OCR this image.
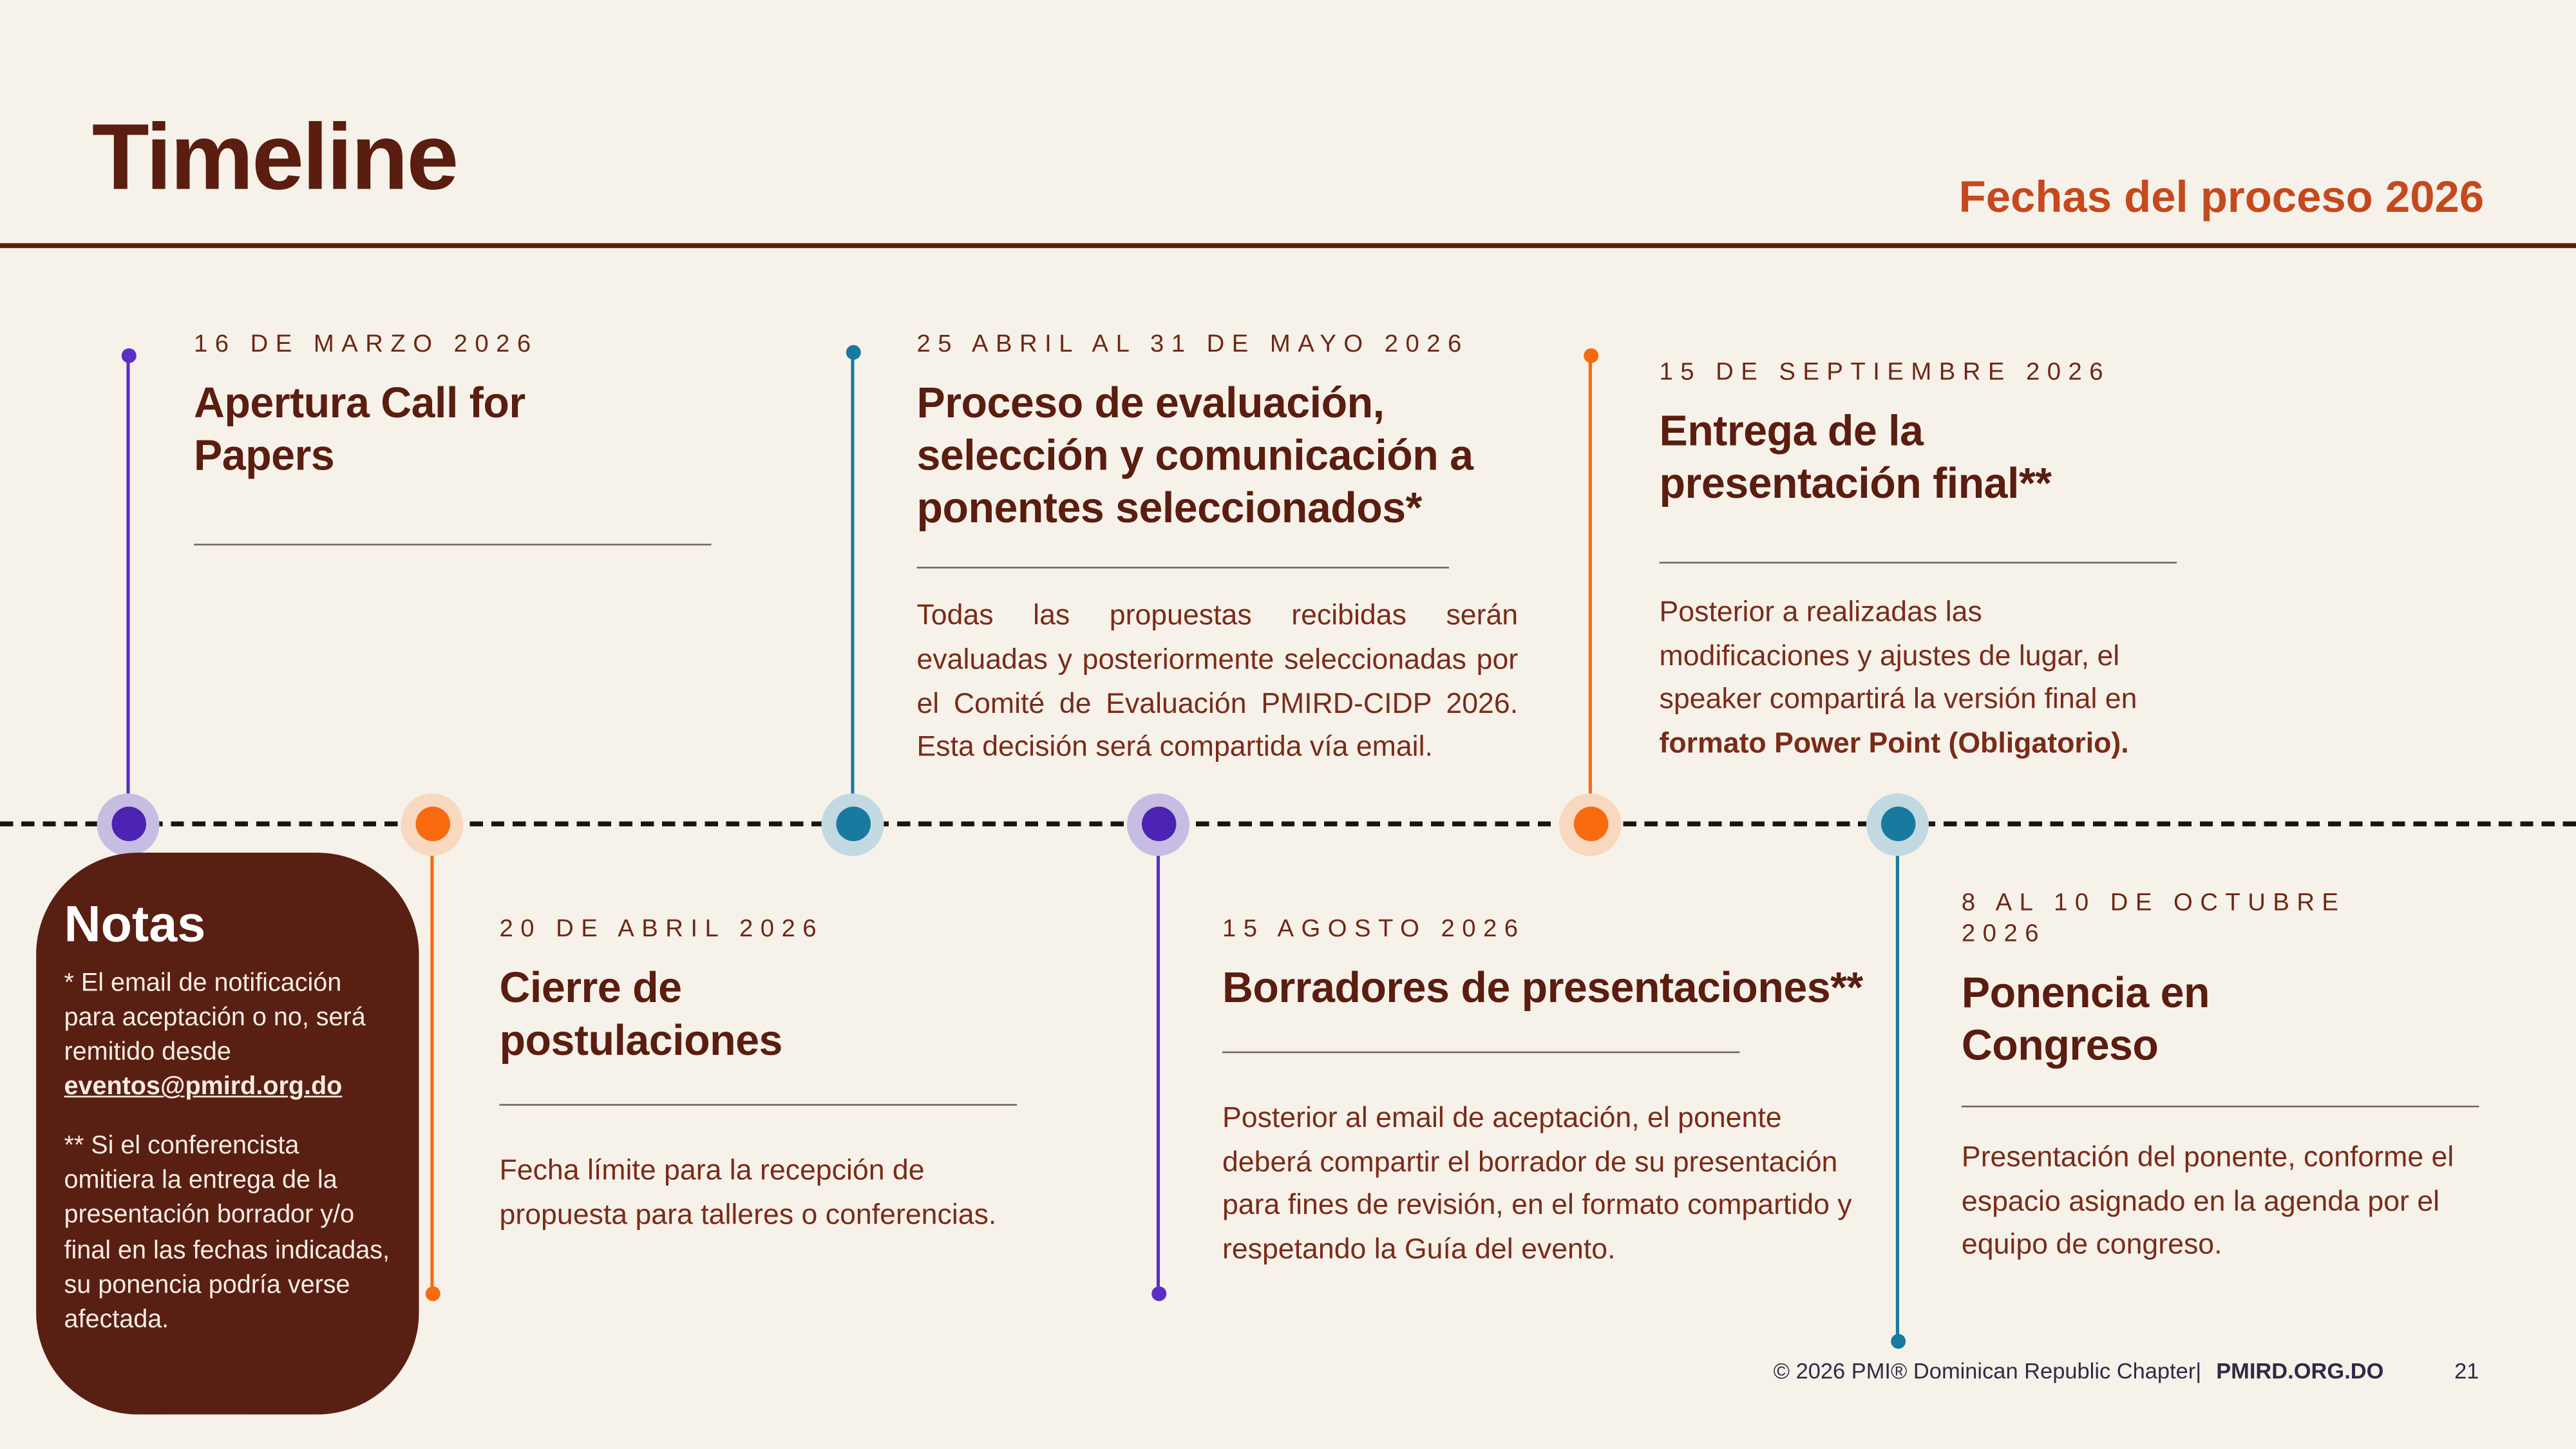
Timeline	Fechas del proceso 2026
16 DE MARZO 2026
Apertura Call for Papers
25 ABRIL AL 31 DE MAYO 2026
Proceso de evaluación, selección y comunicación a ponentes seleccionados*
Todas las propuestas recibidas serán evaluadas y posteriormente seleccionadas por el Comité de Evaluación PMIRD-CIDP 2026. Esta decisión será compartida vía email.
15 DE SEPTIEMBRE 2026
Entrega de la presentación final**
Posterior a realizadas las modificaciones y ajustes de lugar, el speaker compartirá la versión final en formato Power Point (Obligatorio).
20 DE ABRIL 2026
Cierre de postulaciones
Fecha límite para la recepción de propuesta para talleres o conferencias.
15 AGOSTO 2026
Borradores de presentaciones**
Posterior al email de aceptación, el ponente deberá compartir el borrador de su presentación para fines de revisión, en el formato compartido y respetando la Guía del evento.
8 AL 10 DE OCTUBRE 2026
Ponencia en Congreso
Presentación del ponente, conforme el espacio asignado en la agenda por el equipo de congreso.
Notas
* El email de notificación para aceptación o no, será remitido desde eventos@pmird.org.do
** Si el conferencista omitiera la entrega de la presentación borrador y/o final en las fechas indicadas, su ponencia podría verse afectada.
© 2026 PMI® Dominican Republic Chapter| PMIRD.ORG.DO	21
